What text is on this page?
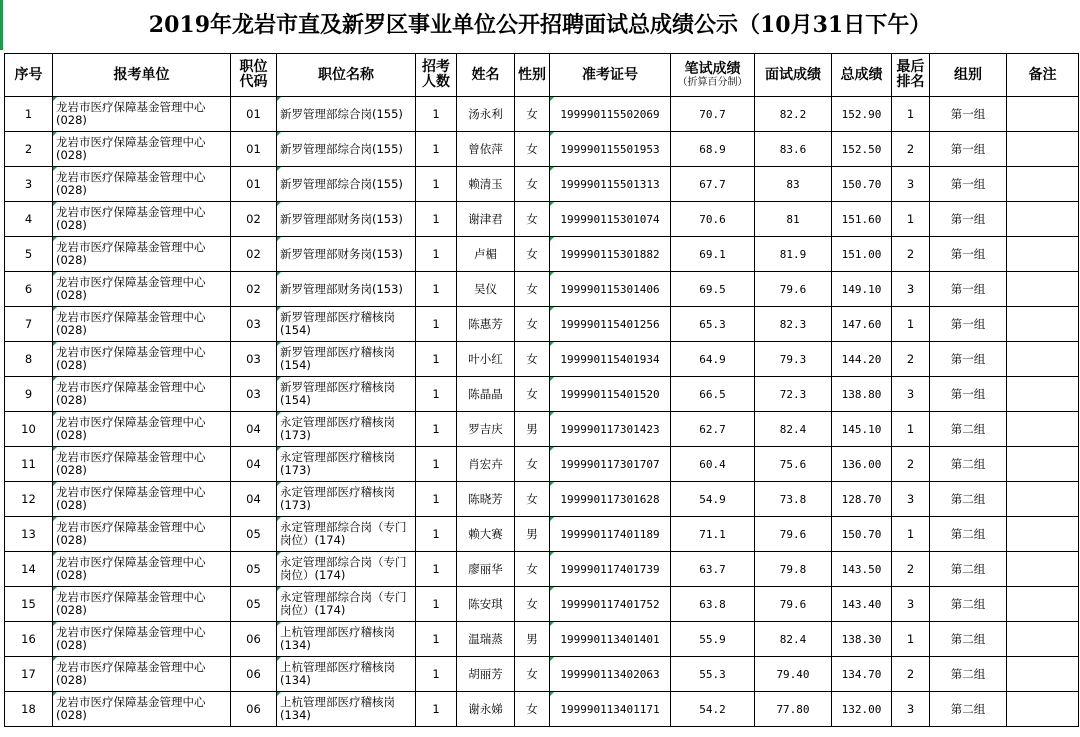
2019年龙岩市直及新罗区事业单位公开招聘面试总成绩公示（10月31日下午）
序号	报考单位	职位代码	职位名称	招考人数	姓名	性别	准考证号	笔试成绩
（折算百分制）	面试成绩	总成绩	最后排名	组别	备注
1	龙岩市医疗保障基金管理中心(028)	01	新罗管理部综合岗(155)	1	汤永利	女	199990115502069	70.7	82.2	152.90	1	第一组	
2	龙岩市医疗保障基金管理中心(028)	01	新罗管理部综合岗(155)	1	曾依萍	女	199990115501953	68.9	83.6	152.50	2	第一组	
3	龙岩市医疗保障基金管理中心(028)	01	新罗管理部综合岗(155)	1	赖清玉	女	199990115501313	67.7	83	150.70	3	第一组	
4	龙岩市医疗保障基金管理中心(028)	02	新罗管理部财务岗(153)	1	谢津君	女	199990115301074	70.6	81	151.60	1	第一组	
5	龙岩市医疗保障基金管理中心(028)	02	新罗管理部财务岗(153)	1	卢楣	女	199990115301882	69.1	81.9	151.00	2	第一组	
6	龙岩市医疗保障基金管理中心(028)	02	新罗管理部财务岗(153)	1	吴仪	女	199990115301406	69.5	79.6	149.10	3	第一组	
7	龙岩市医疗保障基金管理中心(028)	03	新罗管理部医疗稽核岗(154)	1	陈惠芳	女	199990115401256	65.3	82.3	147.60	1	第一组	
8	龙岩市医疗保障基金管理中心(028)	03	新罗管理部医疗稽核岗(154)	1	叶小红	女	199990115401934	64.9	79.3	144.20	2	第一组	
9	龙岩市医疗保障基金管理中心(028)	03	新罗管理部医疗稽核岗(154)	1	陈晶晶	女	199990115401520	66.5	72.3	138.80	3	第一组	
10	龙岩市医疗保障基金管理中心(028)	04	永定管理部医疗稽核岗(173)	1	罗吉庆	男	199990117301423	62.7	82.4	145.10	1	第二组	
11	龙岩市医疗保障基金管理中心(028)	04	永定管理部医疗稽核岗(173)	1	肖宏卉	女	199990117301707	60.4	75.6	136.00	2	第二组	
12	龙岩市医疗保障基金管理中心(028)	04	永定管理部医疗稽核岗(173)	1	陈晓芳	女	199990117301628	54.9	73.8	128.70	3	第二组	
13	龙岩市医疗保障基金管理中心(028)	05	永定管理部综合岗（专门岗位）(174)	1	赖大赛	男	199990117401189	71.1	79.6	150.70	1	第二组	
14	龙岩市医疗保障基金管理中心(028)	05	永定管理部综合岗（专门岗位）(174)	1	廖丽华	女	199990117401739	63.7	79.8	143.50	2	第二组	
15	龙岩市医疗保障基金管理中心(028)	05	永定管理部综合岗（专门岗位）(174)	1	陈安琪	女	199990117401752	63.8	79.6	143.40	3	第二组	
16	龙岩市医疗保障基金管理中心(028)	06	上杭管理部医疗稽核岗(134)	1	温瑞蒸	男	199990113401401	55.9	82.4	138.30	1	第二组	
17	龙岩市医疗保障基金管理中心(028)	06	上杭管理部医疗稽核岗(134)	1	胡丽芳	女	199990113402063	55.3	79.40	134.70	2	第二组	
18	龙岩市医疗保障基金管理中心(028)	06	上杭管理部医疗稽核岗(134)	1	谢永娣	女	199990113401171	54.2	77.80	132.00	3	第二组	
